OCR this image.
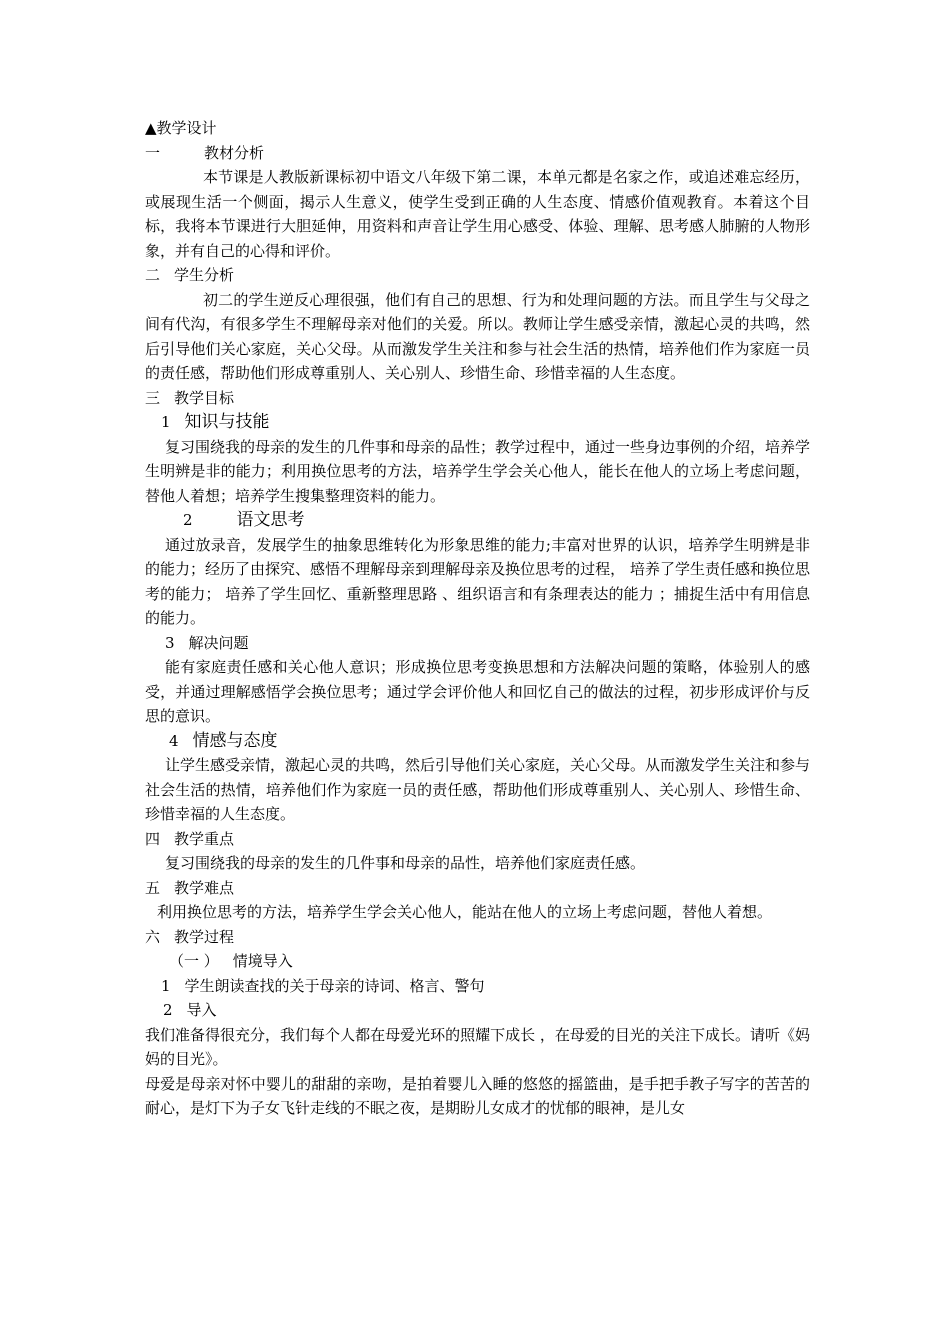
▲教学设计
一	教材分析
本节课是人教版新课标初中语文八年级下第二课，本单元都是名家之作，或追述难忘经历，或展现生活一个侧面，揭示人生意义，使学生受到正确的人生态度、情感价值观教育。本着这个目标，我将本节课进行大胆延伸，用资料和声音让学生用心感受、体验、理解、思考感人肺腑的人物形象，并有自己的心得和评价。
二 学生分析
初二的学生逆反心理很强，他们有自己的思想、行为和处理问题的方法。而且学生与父母之间有代沟，有很多学生不理解母亲对他们的关爱。所以。教师让学生感受亲情，激起心灵的共鸣，然后引导他们关心家庭，关心父母。从而激发学生关注和参与社会生活的热情，培养他们作为家庭一员的责任感，帮助他们形成尊重别人、关心别人、珍惜生命、珍惜幸福的人生态度。
三 教学目标
1 知识与技能
复习围绕我的母亲的发生的几件事和母亲的品性；教学过程中，通过一些身边事例的介绍，培养学生明辨是非的能力；利用换位思考的方法，培养学生学会关心他人，能长在他人的立场上考虑问题，替他人着想；培养学生搜集整理资料的能力。
2	语文思考
通过放录音，发展学生的抽象思维转化为形象思维的能力;丰富对世界的认识，培养学生明辨是非的能力；经历了由探究、感悟不理解母亲到理解母亲及换位思考的过程， 培养了学生责任感和换位思考的能力； 培养了学生回忆、重新整理思路 、组织语言和有条理表达的能力 ；捕捉生活中有用信息的能力。
3 解决问题
能有家庭责任感和关心他人意识；形成换位思考变换思想和方法解决问题的策略，体验别人的感受，并通过理解感悟学会换位思考；通过学会评价他人和回忆自己的做法的过程，初步形成评价与反思的意识。
4 情感与态度
让学生感受亲情，激起心灵的共鸣，然后引导他们关心家庭，关心父母。从而激发学生关注和参与社会生活的热情，培养他们作为家庭一员的责任感，帮助他们形成尊重别人、关心别人、珍惜生命、珍惜幸福的人生态度。
四 教学重点
复习围绕我的母亲的发生的几件事和母亲的品性，培养他们家庭责任感。
五 教学难点
利用换位思考的方法，培养学生学会关心他人，能站在他人的立场上考虑问题，替他人着想。
六 教学过程
（一 ） 情境导入
1 学生朗读查找的关于母亲的诗词、格言、警句
2 导入
我们准备得很充分，我们每个人都在母爱光环的照耀下成长 ，在母爱的目光的关注下成长。请听《妈妈的目光》。
母爱是母亲对怀中婴儿的甜甜的亲吻，是拍着婴儿入睡的悠悠的摇篮曲，是手把手教子写字的苦苦的耐心，是灯下为子女飞针走线的不眠之夜，是期盼儿女成才的忧郁的眼神，是儿女
